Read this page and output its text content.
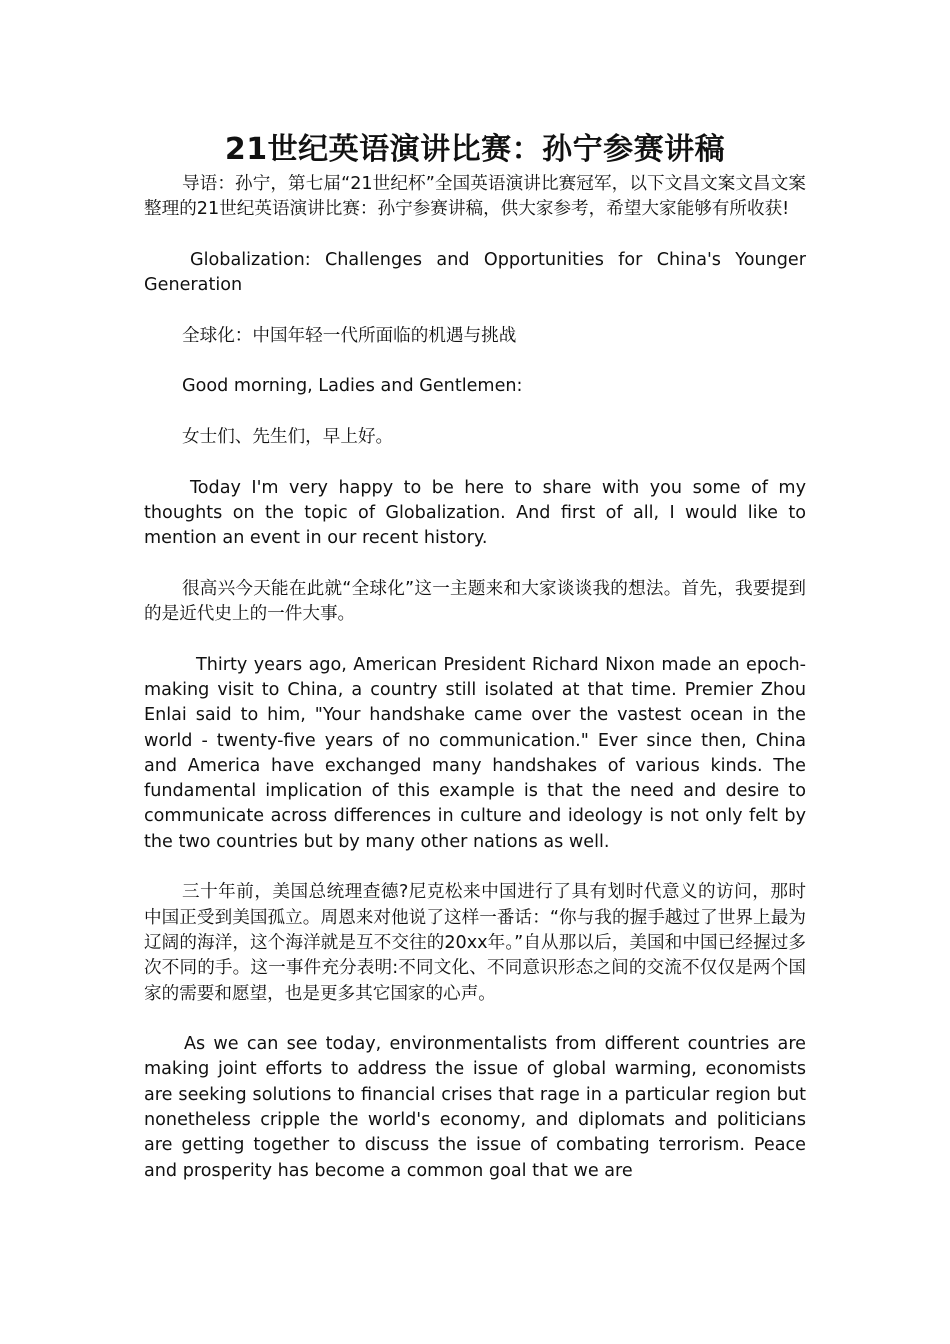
21世纪英语演讲比赛：孙宁参赛讲稿

导语：孙宁，第七届“21世纪杯”全国英语演讲比赛冠军，以下文昌文案文昌文案整理的21世纪英语演讲比赛：孙宁参赛讲稿，供大家参考，希望大家能够有所收获!

Globalization: Challenges and Opportunities for China's Younger Generation

全球化：中国年轻一代所面临的机遇与挑战

Good morning, Ladies and Gentlemen:

女士们、先生们，早上好。

Today I'm very happy to be here to share with you some of my thoughts on the topic of Globalization. And first of all, I would like to mention an event in our recent history.

很高兴今天能在此就“全球化”这一主题来和大家谈谈我的想法。首先，我要提到的是近代史上的一件大事。

Thirty years ago, American President Richard Nixon made an epoch-making visit to China, a country still isolated at that time. Premier Zhou Enlai said to him, "Your handshake came over the vastest ocean in the world - twenty-five years of no communication." Ever since then, China and America have exchanged many handshakes of various kinds. The fundamental implication of this example is that the need and desire to communicate across differences in culture and ideology is not only felt by the two countries but by many other nations as well.

三十年前，美国总统理查德?尼克松来中国进行了具有划时代意义的访问，那时中国正受到美国孤立。周恩来对他说了这样一番话：“你与我的握手越过了世界上最为辽阔的海洋，这个海洋就是互不交往的20xx年。”自从那以后，美国和中国已经握过多次不同的手。这一事件充分表明:不同文化、不同意识形态之间的交流不仅仅是两个国家的需要和愿望，也是更多其它国家的心声。

As we can see today, environmentalists from different countries are making joint efforts to address the issue of global warming, economists are seeking solutions to financial crises that rage in a particular region but nonetheless cripple the world's economy, and diplomats and politicians are getting together to discuss the issue of combating terrorism. Peace and prosperity has become a common goal that we are
